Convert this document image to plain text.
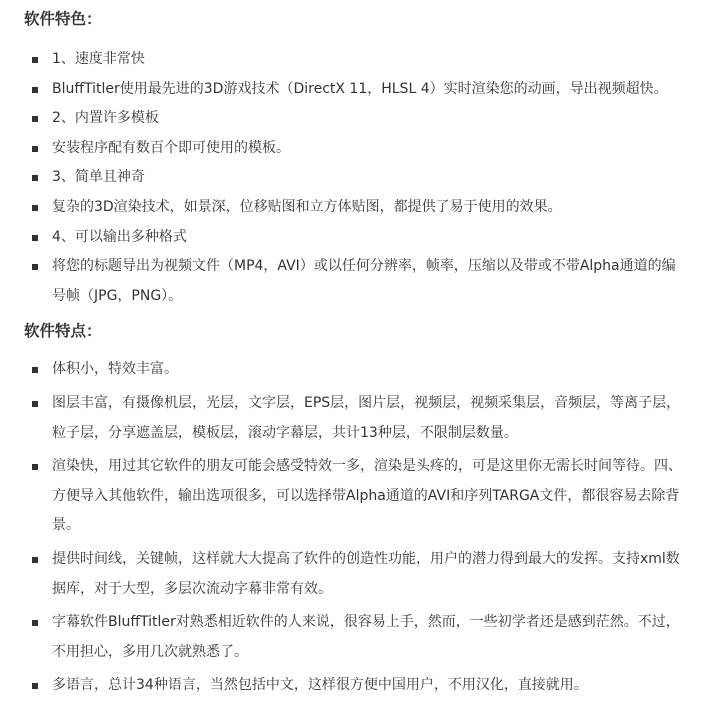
软件特色：
1、速度非常快
BluffTitler使用最先进的3D游戏技术（DirectX 11，HLSL 4）实时渲染您的动画，导出视频超快。
2、内置许多模板
安装程序配有数百个即可使用的模板。
3、简单且神奇
复杂的3D渲染技术，如景深，位移贴图和立方体贴图，都提供了易于使用的效果。
4、可以输出多种格式
将您的标题导出为视频文件（MP4，AVI）或以任何分辨率，帧率，压缩以及带或不带Alpha通道的编号帧（JPG，PNG）。
软件特点：
体积小，特效丰富。
图层丰富，有摄像机层，光层，文字层，EPS层，图片层，视频层，视频采集层，音频层，等离子层，粒子层，分享遮盖层，模板层，滚动字幕层，共计13种层，不限制层数量。
渲染快，用过其它软件的朋友可能会感受特效一多，渲染是头疼的，可是这里你无需长时间等待。四、方便导入其他软件，输出选项很多，可以选择带Alpha通道的AVI和序列TARGA文件，都很容易去除背景。
提供时间线，关键帧，这样就大大提高了软件的创造性功能，用户的潜力得到最大的发挥。支持xml数据库，对于大型，多层次流动字幕非常有效。
字幕软件BluffTitler对熟悉相近软件的人来说，很容易上手，然而，一些初学者还是感到茫然。不过，不用担心，多用几次就熟悉了。
多语言，总计34种语言，当然包括中文，这样很方便中国用户，不用汉化，直接就用。
